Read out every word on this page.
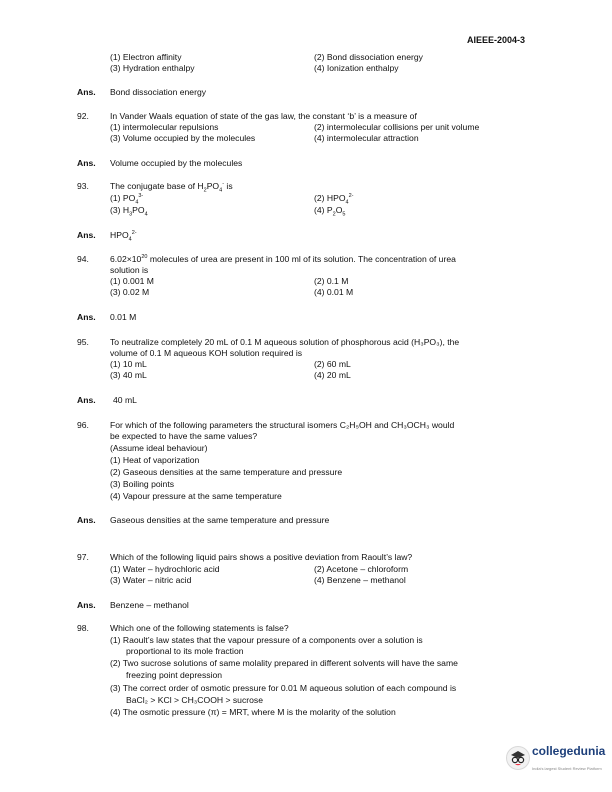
AIEEE-2004-3
(1) Electron affinity	(2) Bond dissociation energy
(3) Hydration enthalpy	(4) Ionization enthalpy
Ans. Bond dissociation energy
92. In Vander Waals equation of state of the gas law, the constant ‘b’ is a measure of
(1) intermolecular repulsions	(2) intermolecular collisions per unit volume
(3) Volume occupied by the molecules	(4) intermolecular attraction
Ans. Volume occupied by the molecules
93. The conjugate base of $H_2PO_4^-$ is
(1) $PO_4^{3-}$	(2) $HPO_4^{2-}$
(3) $H_3PO_4$	(4) $P_2O_5$
Ans. $HPO_4^{2-}$
94. $6.02\times 10^{20}$ molecules of urea are present in 100 ml of its solution. The concentration of urea
solution is
(1) 0.001 M	(2) 0.1 M
(3) 0.02 M	(4) 0.01 M
Ans. 0.01 M
95. To neutralize completely 20 mL of 0.1 M aqueous solution of phosphorous acid (H₃PO₃), the
volume of 0.1 M aqueous KOH solution required is
(1) 10 mL	(2) 60 mL
(3) 40 mL	(4) 20 mL
Ans. 40 mL
96. For which of the following parameters the structural isomers C₂H₅OH and CH₃OCH₃ would
be expected to have the same values?
(Assume ideal behaviour)
(1) Heat of vaporization
(2) Gaseous densities at the same temperature and pressure
(3) Boiling points
(4) Vapour pressure at the same temperature
Ans. Gaseous densities at the same temperature and pressure
97. Which of the following liquid pairs shows a positive deviation from Raoult’s law?
(1) Water – hydrochloric acid	(2) Acetone – chloroform
(3) Water – nitric acid	(4) Benzene – methanol
Ans. Benzene – methanol
98. Which one of the following statements is false?
(1) Raoult’s law states that the vapour pressure of a components over a solution is
proportional to its mole fraction
(2) Two sucrose solutions of same molality prepared in different solvents will have the same
freezing point depression
(3) The correct order of osmotic pressure for 0.01 M aqueous solution of each compound is
BaCl₂ > KCl > CH₃COOH > sucrose
(4) The osmotic pressure (π) = MRT, where M is the molarity of the solution
collegedunia
India's largest Student Review Platform
